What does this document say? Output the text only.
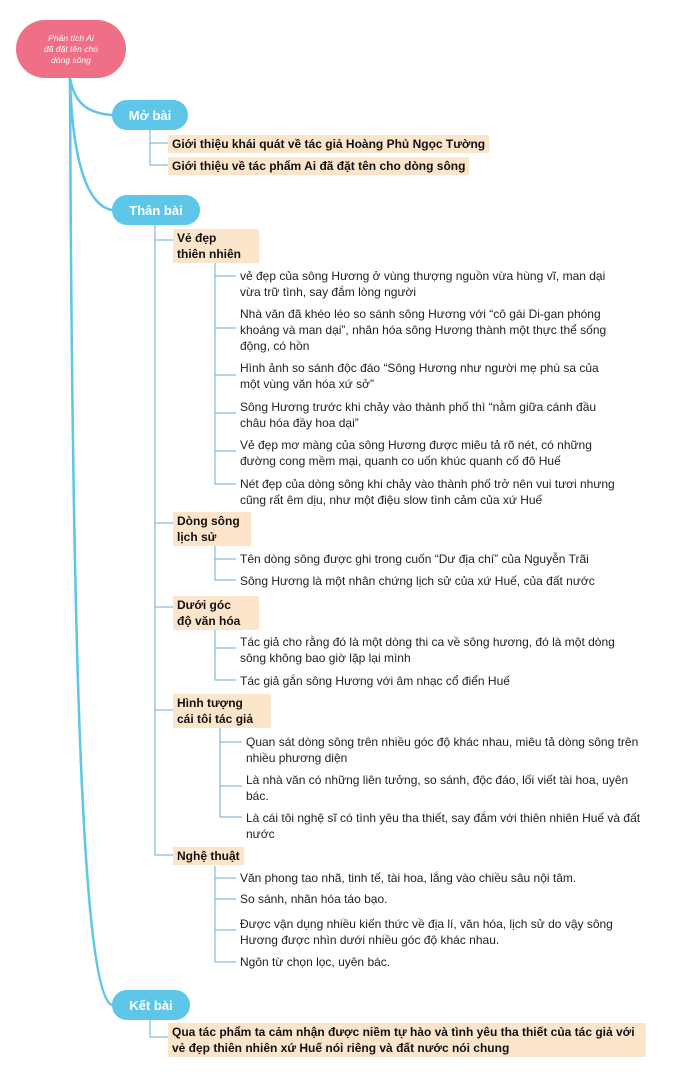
Phân tích Ai
đã đặt tên cho
dòng sông
Mở bài
Giới thiệu khái quát về tác giả Hoàng Phủ Ngọc Tường
Giới thiệu về tác phẩm Ai đã đặt tên cho dòng sông
Thân bài
Vẻ đẹp
thiên nhiên
vẻ đẹp của sông Hương ở vùng thượng nguồn vừa hùng vĩ, man dại vừa trữ tình, say đắm lòng người
Nhà văn đã khéo léo so sánh sông Hương với “cô gái Di-gan phóng khoáng và man dại”, nhân hóa sông Hương thành một thực thể sống động, có hồn
Hình ảnh so sánh độc đáo “Sông Hương như người mẹ phù sa của một vùng văn hóa xứ sở”
Sông Hương trước khi chảy vào thành phố thì “nằm giữa cánh đầu châu hóa đầy hoa dại”
Vẻ đẹp mơ màng của sông Hương được miêu tả rõ nét, có những đường cong mềm mại, quanh co uốn khúc quanh cố đô Huế
Nét đẹp của dòng sông khi chảy vào thành phố trở nên vui tươi nhưng cũng rất êm dịu, như một điệu slow tình cảm của xứ Huế
Dòng sông
lịch sử
Tên dòng sông được ghi trong cuốn “Dư địa chí” của Nguyễn Trãi
Sông Hương là một nhân chứng lịch sử của xứ Huế, của đất nước
Dưới góc
độ văn hóa
Tác giả cho rằng đó là một dòng thi ca về sông hương, đó là một dòng sông không bao giờ lặp lại mình
Tác giả gắn sông Hương với âm nhạc cổ điển Huế
Hình tượng
cái tôi tác giả
Quan sát dòng sông trên nhiều góc độ khác nhau, miêu tả dòng sông trên nhiều phương diện
Là nhà văn có những liên tưởng, so sánh, độc đáo, lối viết tài hoa, uyên bác.
Là cái tôi nghệ sĩ có tình yêu tha thiết, say đắm với thiên nhiên Huế và đất nước
Nghệ thuật
Văn phong tao nhã, tinh tế, tài hoa, lắng vào chiều sâu nội tâm.
So sánh, nhân hóa táo bạo.
Được vận dụng nhiều kiến thức về địa lí, văn hóa, lịch sử do vậy sông Hương được nhìn dưới nhiều góc độ khác nhau.
Ngôn từ chọn lọc, uyên bác.
Kết bài
Qua tác phẩm ta cảm nhận được niềm tự hào và tình yêu tha thiết của tác giả với vẻ đẹp thiên nhiên xứ Huế nói riêng và đất nước nói chung
